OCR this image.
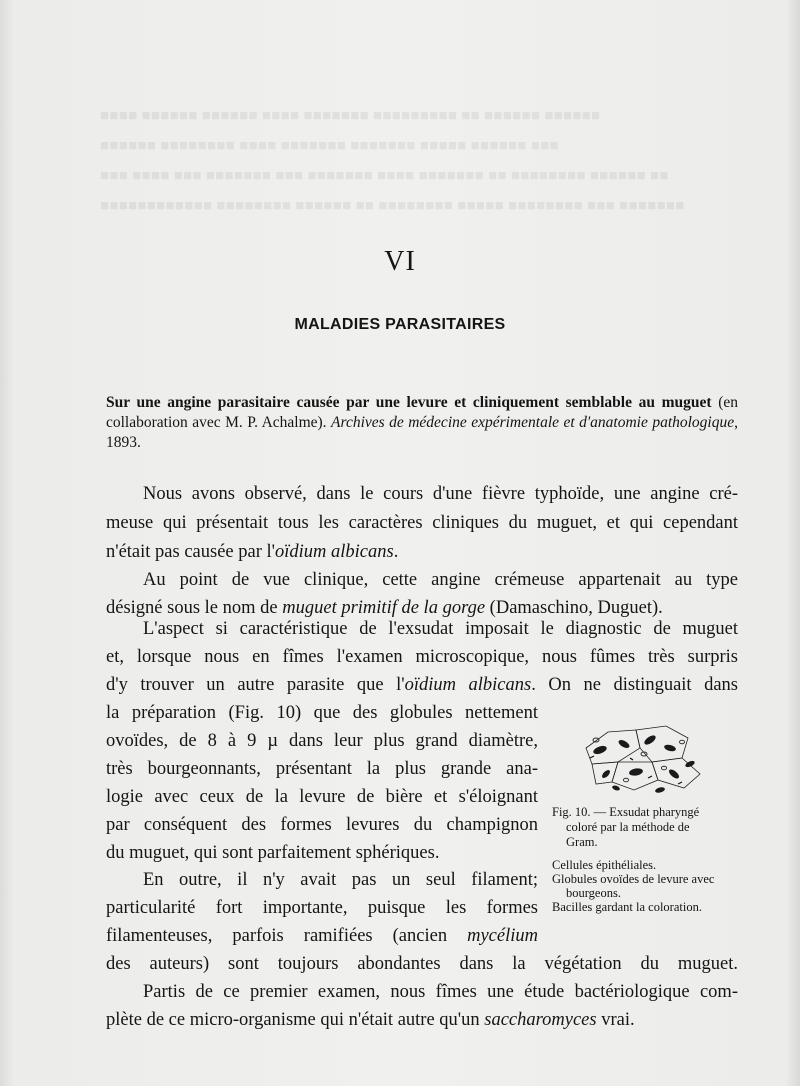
■■■■ ■■■■■■ ■■■■■■ ■■■■ ■■■■■■■ ■■■■■■■■■ ■■ ■■■■■■ ■■■■■■
■■■■■■ ■■■■■■■■ ■■■■ ■■■■■■■ ■■■■■■■ ■■■■■ ■■■■■■ ■■■
■■■ ■■■■ ■■■ ■■■■■■■ ■■■ ■■■■■■■ ■■■■ ■■■■■■■ ■■ ■■■■■■■■ ■■■■■■ ■■
■■■■■■■■■■■■ ■■■■■■■■ ■■■■■■ ■■ ■■■■■■■■ ■■■■■ ■■■■■■■■ ■■■ ■■■■■■■
VI
MALADIES PARASITAIRES
Sur une angine parasitaire causée par une levure et cliniquement semblable au muguet (en collaboration avec M. P. Achalme). Archives de médecine expérimentale et d'anatomie pathologique, 1893.
Nous avons observé, dans le cours d'une fièvre typhoïde, une angine cré-
meuse qui présentait tous les caractères cliniques du muguet, et qui cependant
n'était pas causée par l'oïdium albicans.
Au point de vue clinique, cette angine crémeuse appartenait au type
désigné sous le nom de muguet primitif de la gorge (Damaschino, Duguet).
L'aspect si caractéristique de l'exsudat imposait le diagnostic de muguet
et, lorsque nous en fîmes l'examen microscopique, nous fûmes très surpris
d'y trouver un autre parasite que l'oïdium albicans. On ne distinguait dans
la préparation (Fig. 10) que des globules nettement
ovoïdes, de 8 à 9 µ dans leur plus grand diamètre,
très bourgeonnants, présentant la plus grande ana-
logie avec ceux de la levure de bière et s'éloignant
par conséquent des formes levures du champignon
du muguet, qui sont parfaitement sphériques.
En outre, il n'y avait pas un seul filament;
particularité fort importante, puisque les formes
filamenteuses, parfois ramifiées (ancien mycélium
des auteurs) sont toujours abondantes dans la végétation du muguet.
Partis de ce premier examen, nous fîmes une étude bactériologique com-
plète de ce micro-organisme qui n'était autre qu'un saccharomyces vrai.
Fig. 10. — Exsudat pharyngé
coloré par la méthode de
Gram.
Cellules épithéliales.
Globules ovoïdes de levure avec
bourgeons.
Bacilles gardant la coloration.
